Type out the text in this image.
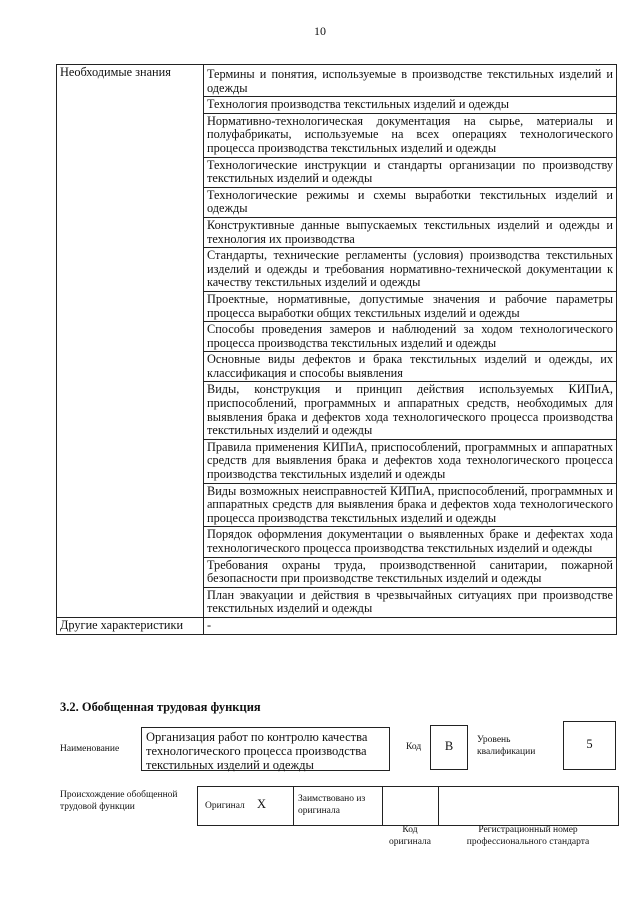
10
Необходимые знания	Термины и понятия, используемые в производстве текстильных изделий и одежды
	Технология производства текстильных изделий и одежды
	Нормативно-технологическая документация на сырье, материалы и полуфабрикаты, используемые на всех операциях технологического процесса производства текстильных изделий и одежды
	Технологические инструкции и стандарты организации по производству текстильных изделий и одежды
	Технологические режимы и схемы выработки текстильных изделий и одежды
	Конструктивные данные выпускаемых текстильных изделий и одежды и технология их производства
	Стандарты, технические регламенты (условия) производства текстильных изделий и одежды и требования нормативно-технической документации к качеству текстильных изделий и одежды
	Проектные, нормативные, допустимые значения и рабочие параметры процесса выработки общих текстильных изделий и одежды
	Способы проведения замеров и наблюдений за ходом технологического процесса производства текстильных изделий и одежды
	Основные виды дефектов и брака текстильных изделий и одежды, их классификация и способы выявления
	Виды, конструкция и принцип действия используемых КИПиА, приспособлений, программных и аппаратных средств, необходимых для выявления брака и дефектов хода технологического процесса производства текстильных изделий и одежды
	Правила применения КИПиА, приспособлений, программных и аппаратных средств для выявления брака и дефектов хода технологического процесса производства текстильных изделий и одежды
	Виды возможных неисправностей КИПиА, приспособлений, программных и аппаратных средств для выявления брака и дефектов хода технологического процесса производства текстильных изделий и одежды
	Порядок оформления документации о выявленных браке и дефектах хода технологического процесса производства текстильных изделий и одежды
	Требования охраны труда, производственной санитарии, пожарной безопасности при производстве текстильных изделий и одежды
	План эвакуации и действия в чрезвычайных ситуациях при производстве текстильных изделий и одежды
Другие характеристики	-
3.2. Обобщенная трудовая функция
Наименование
Организация работ по контролю качества технологического процесса производства текстильных изделий и одежды
Код	B	Уровень квалификации
5
Происхождение обобщенной трудовой функции	Оригинал X	Заимствовано из оригинала
Код оригинала
Регистрационный номер профессионального стандарта
